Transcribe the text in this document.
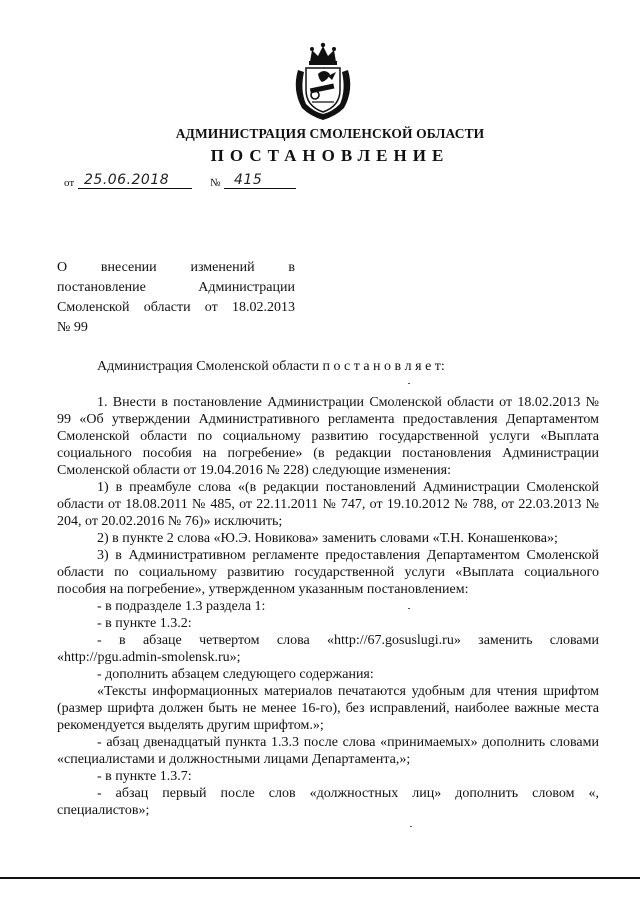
АДМИНИСТРАЦИЯ СМОЛЕНСКОЙ ОБЛАСТИ
ПОСТАНОВЛЕНИЕ
от 25.06.2018	№ 415
О внесении изменений в
постановление Администрации
Смоленской области от 18.02.2013
№ 99

Администрация Смоленской области п о с т а н о в л я е т:

1. Внести в постановление Администрации Смоленской области от 18.02.2013 № 99 «Об утверждении Административного регламента предоставления Департаментом Смоленской области по социальному развитию государственной услуги «Выплата социального пособия на погребение» (в редакции постановления Администрации Смоленской области от 19.04.2016 № 228) следующие изменения:

1) в преамбуле слова «(в редакции постановлений Администрации Смоленской области от 18.08.2011 № 485, от 22.11.2011 № 747, от 19.10.2012 № 788, от 22.03.2013 № 204, от 20.02.2016 № 76)» исключить;

2) в пункте 2 слова «Ю.Э. Новикова» заменить словами «Т.Н. Конашенкова»;

3) в Административном регламенте предоставления Департаментом Смоленской области по социальному развитию государственной услуги «Выплата социального пособия на погребение», утвержденном указанным постановлением:

- в подразделе 1.3 раздела 1:

- в пункте 1.3.2:

- в абзаце четвертом слова «http://67.gosuslugi.ru» заменить словами «http://pgu.admin-smolensk.ru»;

- дополнить абзацем следующего содержания:

«Тексты информационных материалов печатаются удобным для чтения шрифтом (размер шрифта должен быть не менее 16-го), без исправлений, наиболее важные места рекомендуется выделять другим шрифтом.»;

- абзац двенадцатый пункта 1.3.3 после слова «принимаемых» дополнить словами «специалистами и должностными лицами Департамента,»;

- в пункте 1.3.7:

- абзац первый после слов «должностных лиц» дополнить словом «, специалистов»;
